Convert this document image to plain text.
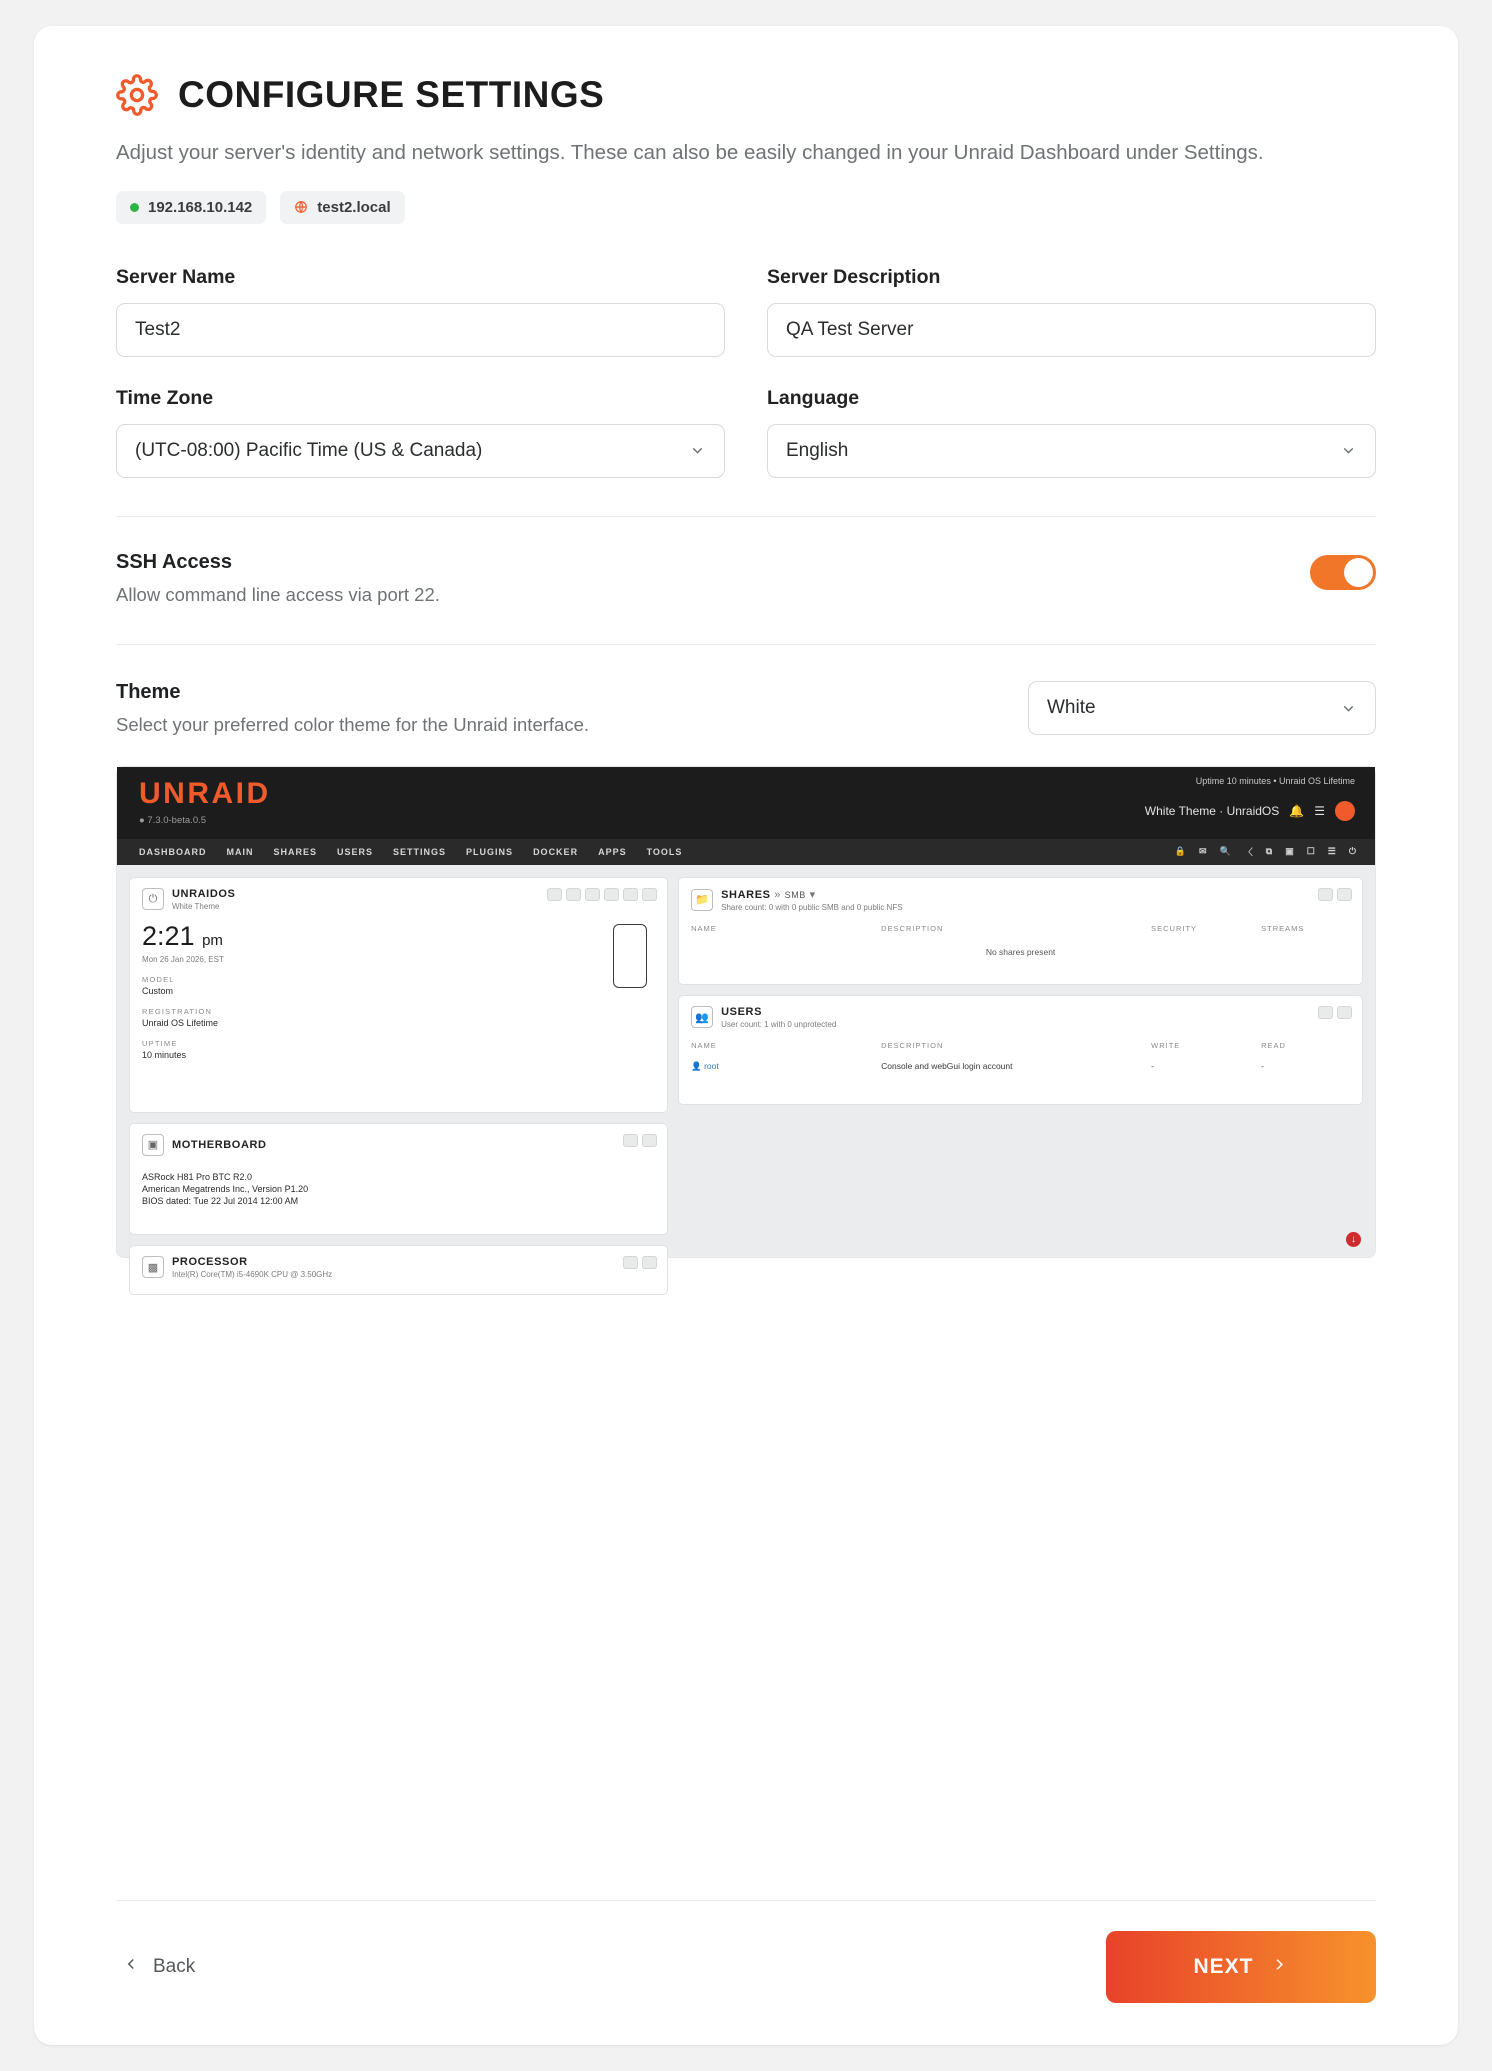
CONFIGURE SETTINGS

Adjust your server's identity and network settings. These can also be easily changed in your Unraid Dashboard under Settings.

192.168.10.142	test2.local
Server Name
Test2	Server Description
QA Test Server
Time Zone
(UTC-08:00) Pacific Time (US & Canada)
Language
English
SSH Access

Allow command line access via port 22.

Theme

Select your preferred color theme for the Unraid interface.

White
UNRAID
● 7.3.0-beta.0.5
Uptime 10 minutes • Unraid OS Lifetime
White Theme · UnraidOS 🔔 ☰
DASHBOARD MAIN SHARES USERS SETTINGS PLUGINS DOCKER APPS TOOLS	🔒 ✉ 🔍 〈 ⧉ ▣ ☐ ☰ ⏻
⏻	UNRAIDOS
White Theme
2:21 pm
Mon 26 Jan 2026, EST
MODEL
Custom
REGISTRATION
Unraid OS Lifetime
UPTIME
10 minutes
▣	MOTHERBOARD
ASRock H81 Pro BTC R2.0
American Megatrends Inc., Version P1.20
BIOS dated: Tue 22 Jul 2014 12:00 AM
▩	PROCESSOR
Intel(R) Core(TM) i5-4690K CPU @ 3.50GHz
📁	SHARES » SMB ▾
Share count: 0 with 0 public SMB and 0 public NFS
NAME	DESCRIPTION	SECURITY	STREAMS
No shares present
👥	USERS
User count: 1 with 0 unprotected
NAME	DESCRIPTION	WRITE	READ
👤 root	Console and webGui login account	-	-
↓
Back	NEXT
